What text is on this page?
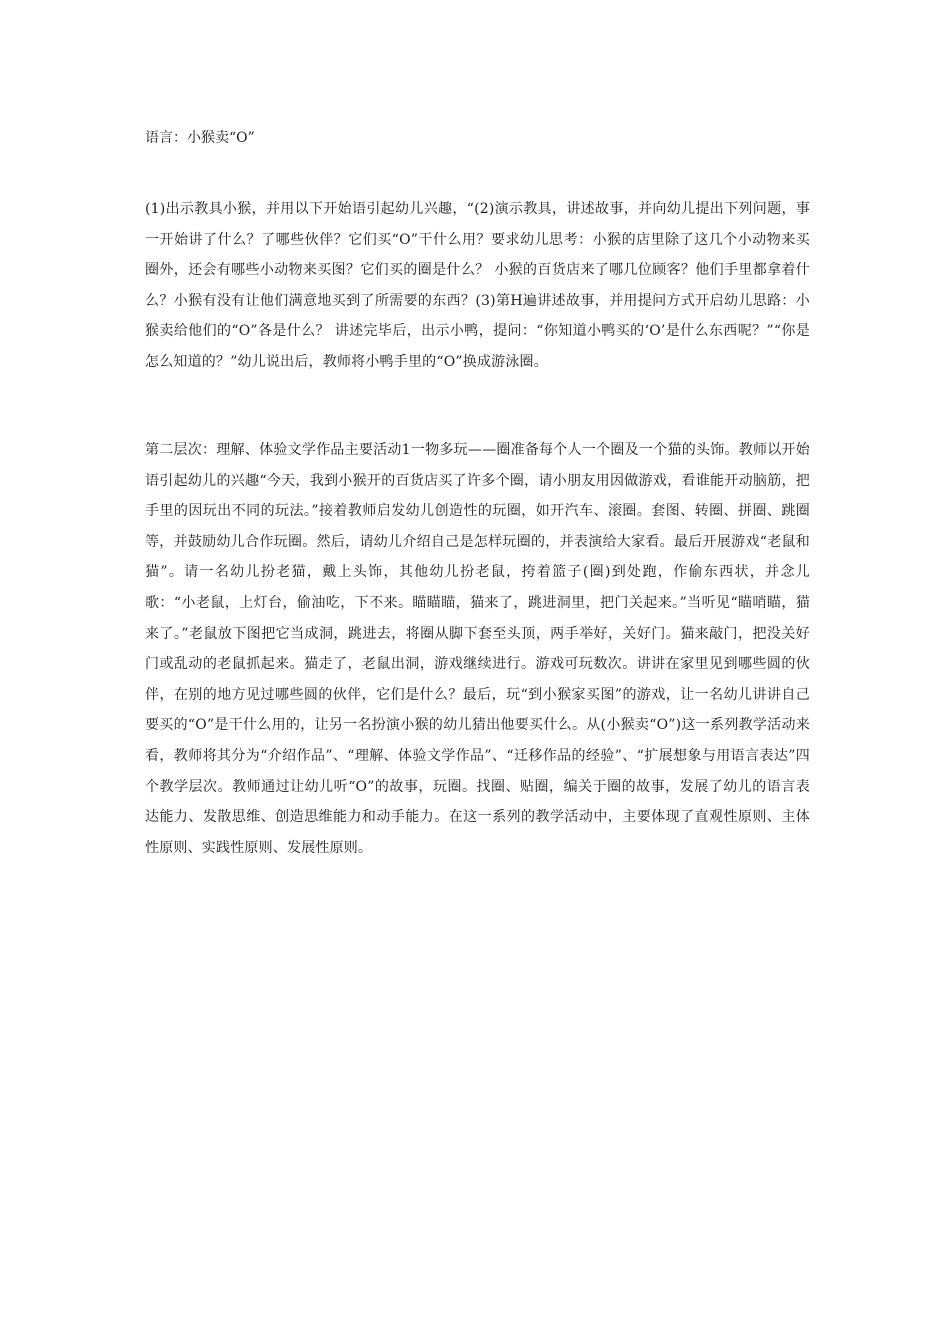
语言：小猴卖“O”

(1)出示教具小猴，并用以下开始语引起幼儿兴趣，“(2)演示教具，讲述故事，并向幼儿提出下列问题，事一开始讲了什么？了哪些伙伴？它们买“O”干什么用？要求幼儿思考：小猴的店里除了这几个小动物来买圈外，还会有哪些小动物来买图？它们买的圈是什么？ 小猴的百货店来了哪几位顾客？他们手里都拿着什么？小猴有没有让他们满意地买到了所需要的东西？(3)第H遍讲述故事，并用提问方式开启幼儿思路：小猴卖给他们的“O”各是什么？ 讲述完毕后，出示小鸭，提问：“你知道小鸭买的‘O’是什么东西呢？”“你是怎么知道的？”幼儿说出后，教师将小鸭手里的“O”换成游泳圈。

第二层次：理解、体验文学作品主要活动1一物多玩——圈准备每个人一个圈及一个猫的头饰。教师以开始语引起幼儿的兴趣“今天，我到小猴开的百货店买了许多个圈，请小朋友用因做游戏，看谁能开动脑筋，把手里的因玩出不同的玩法。”接着教师启发幼儿创造性的玩圈，如开汽车、滚圈。套图、转圈、拼圈、跳圈等，并鼓励幼儿合作玩圈。然后，请幼儿介绍自己是怎样玩圈的，并表演给大家看。最后开展游戏“老鼠和猫”。请一名幼儿扮老猫，戴上头饰，其他幼儿扮老鼠，挎着篮子(圈)到处跑，作偷东西状，并念儿歌：“小老鼠，上灯台，偷油吃，下不来。瞄瞄瞄，猫来了，跳进洞里，把门关起来。”当听见“瞄哨瞄，猫来了。”老鼠放下图把它当成洞，跳进去，将圈从脚下套至头顶，两手举好，关好门。猫来敲门，把没关好门或乱动的老鼠抓起来。猫走了，老鼠出洞，游戏继续进行。游戏可玩数次。讲讲在家里见到哪些圆的伙伴，在别的地方见过哪些圆的伙伴，它们是什么？最后，玩“到小猴家买图”的游戏，让一名幼儿讲讲自己要买的“O”是干什么用的，让另一名扮演小猴的幼儿猜出他要买什么。从(小猴卖“O”)这一系列教学活动来看，教师将其分为“介绍作品”、“理解、体验文学作品”、“迁移作品的经验”、“扩展想象与用语言表达”四个教学层次。教师通过让幼儿听“O”的故事，玩圈。找圈、贴圈，编关于圈的故事，发展了幼儿的语言表达能力、发散思维、创造思维能力和动手能力。在这一系列的教学活动中，主要体现了直观性原则、主体性原则、实践性原则、发展性原则。
